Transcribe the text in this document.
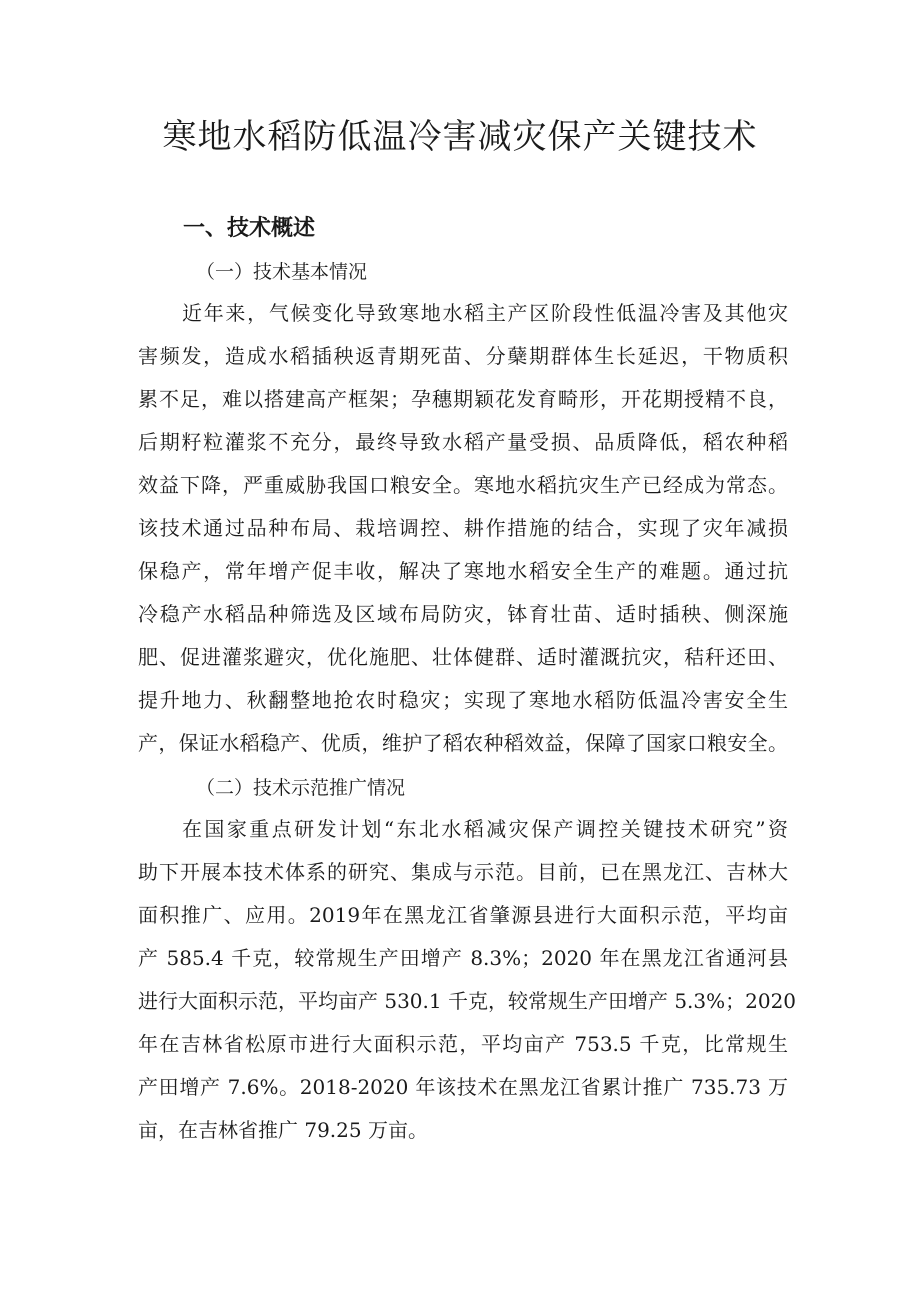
寒地水稻防低温冷害减灾保产关键技术
一、技术概述
（一）技术基本情况
近年来，气候变化导致寒地水稻主产区阶段性低温冷害及其他灾
害频发，造成水稻插秧返青期死苗、分蘖期群体生长延迟，干物质积
累不足，难以搭建高产框架；孕穗期颖花发育畸形，开花期授精不良，
后期籽粒灌浆不充分，最终导致水稻产量受损、品质降低，稻农种稻
效益下降，严重威胁我国口粮安全。寒地水稻抗灾生产已经成为常态。
该技术通过品种布局、栽培调控、耕作措施的结合，实现了灾年减损
保稳产，常年增产促丰收，解决了寒地水稻安全生产的难题。通过抗
冷稳产水稻品种筛选及区域布局防灾，钵育壮苗、适时插秧、侧深施
肥、促进灌浆避灾，优化施肥、壮体健群、适时灌溉抗灾，秸秆还田、
提升地力、秋翻整地抢农时稳灾；实现了寒地水稻防低温冷害安全生
产，保证水稻稳产、优质，维护了稻农种稻效益，保障了国家口粮安全。
（二）技术示范推广情况
在国家重点研发计划“东北水稻减灾保产调控关键技术研究”资
助下开展本技术体系的研究、集成与示范。目前，已在黑龙江、吉林大
面积推广、应用。2019年在黑龙江省肇源县进行大面积示范，平均亩
产 585.4 千克，较常规生产田增产 8.3%；2020 年在黑龙江省通河县
进行大面积示范，平均亩产 530.1 千克，较常规生产田增产 5.3%；2020
年在吉林省松原市进行大面积示范，平均亩产 753.5 千克，比常规生
产田增产 7.6%。2018-2020 年该技术在黑龙江省累计推广 735.73 万
亩，在吉林省推广 79.25 万亩。
